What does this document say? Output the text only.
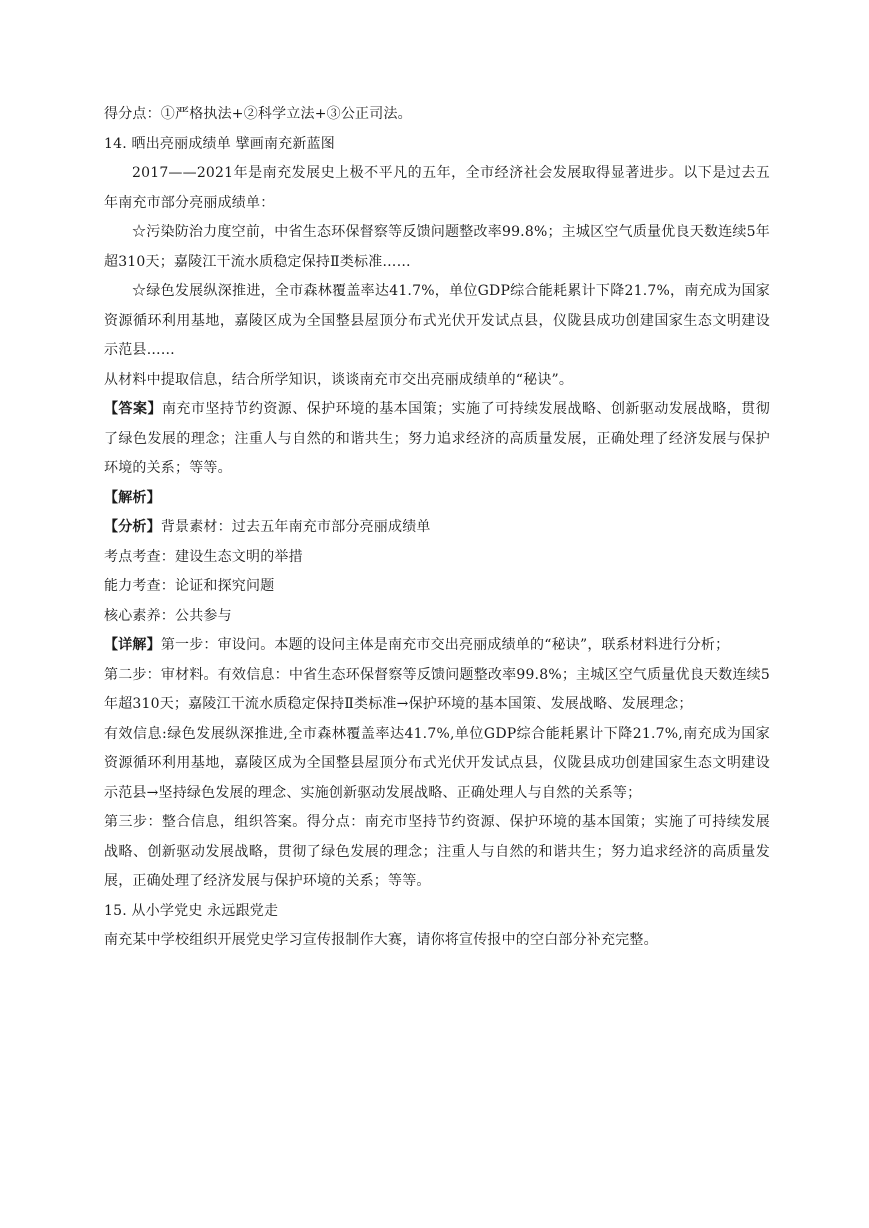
得分点：①严格执法+②科学立法+③公正司法。

14. 晒出亮丽成绩单 擘画南充新蓝图

2017——2021年是南充发展史上极不平凡的五年，全市经济社会发展取得显著进步。以下是过去五年南充市部分亮丽成绩单：

☆污染防治力度空前，中省生态环保督察等反馈问题整改率99.8%；主城区空气质量优良天数连续5年超310天；嘉陵江干流水质稳定保持Ⅱ类标准……

☆绿色发展纵深推进，全市森林覆盖率达41.7%，单位GDP综合能耗累计下降21.7%，南充成为国家资源循环利用基地，嘉陵区成为全国整县屋顶分布式光伏开发试点县，仪陇县成功创建国家生态文明建设示范县……

从材料中提取信息，结合所学知识，谈谈南充市交出亮丽成绩单的“秘诀”。

【答案】南充市坚持节约资源、保护环境的基本国策；实施了可持续发展战略、创新驱动发展战略，贯彻了绿色发展的理念；注重人与自然的和谐共生；努力追求经济的高质量发展，正确处理了经济发展与保护环境的关系；等等。

【解析】

【分析】背景素材：过去五年南充市部分亮丽成绩单

考点考查：建设生态文明的举措

能力考查：论证和探究问题

核心素养：公共参与

【详解】第一步：审设问。本题的设问主体是南充市交出亮丽成绩单的“秘诀”，联系材料进行分析；

第二步：审材料。有效信息：中省生态环保督察等反馈问题整改率99.8%；主城区空气质量优良天数连续5年超310天；嘉陵江干流水质稳定保持Ⅱ类标准→保护环境的基本国策、发展战略、发展理念；

有效信息:绿色发展纵深推进,全市森林覆盖率达41.7%,单位GDP综合能耗累计下降21.7%,南充成为国家资源循环利用基地，嘉陵区成为全国整县屋顶分布式光伏开发试点县，仪陇县成功创建国家生态文明建设示范县→坚持绿色发展的理念、实施创新驱动发展战略、正确处理人与自然的关系等；

第三步：整合信息，组织答案。得分点：南充市坚持节约资源、保护环境的基本国策；实施了可持续发展战略、创新驱动发展战略，贯彻了绿色发展的理念；注重人与自然的和谐共生；努力追求经济的高质量发展，正确处理了经济发展与保护环境的关系；等等。

15. 从小学党史 永远跟党走

南充某中学校组织开展党史学习宣传报制作大赛，请你将宣传报中的空白部分补充完整。
